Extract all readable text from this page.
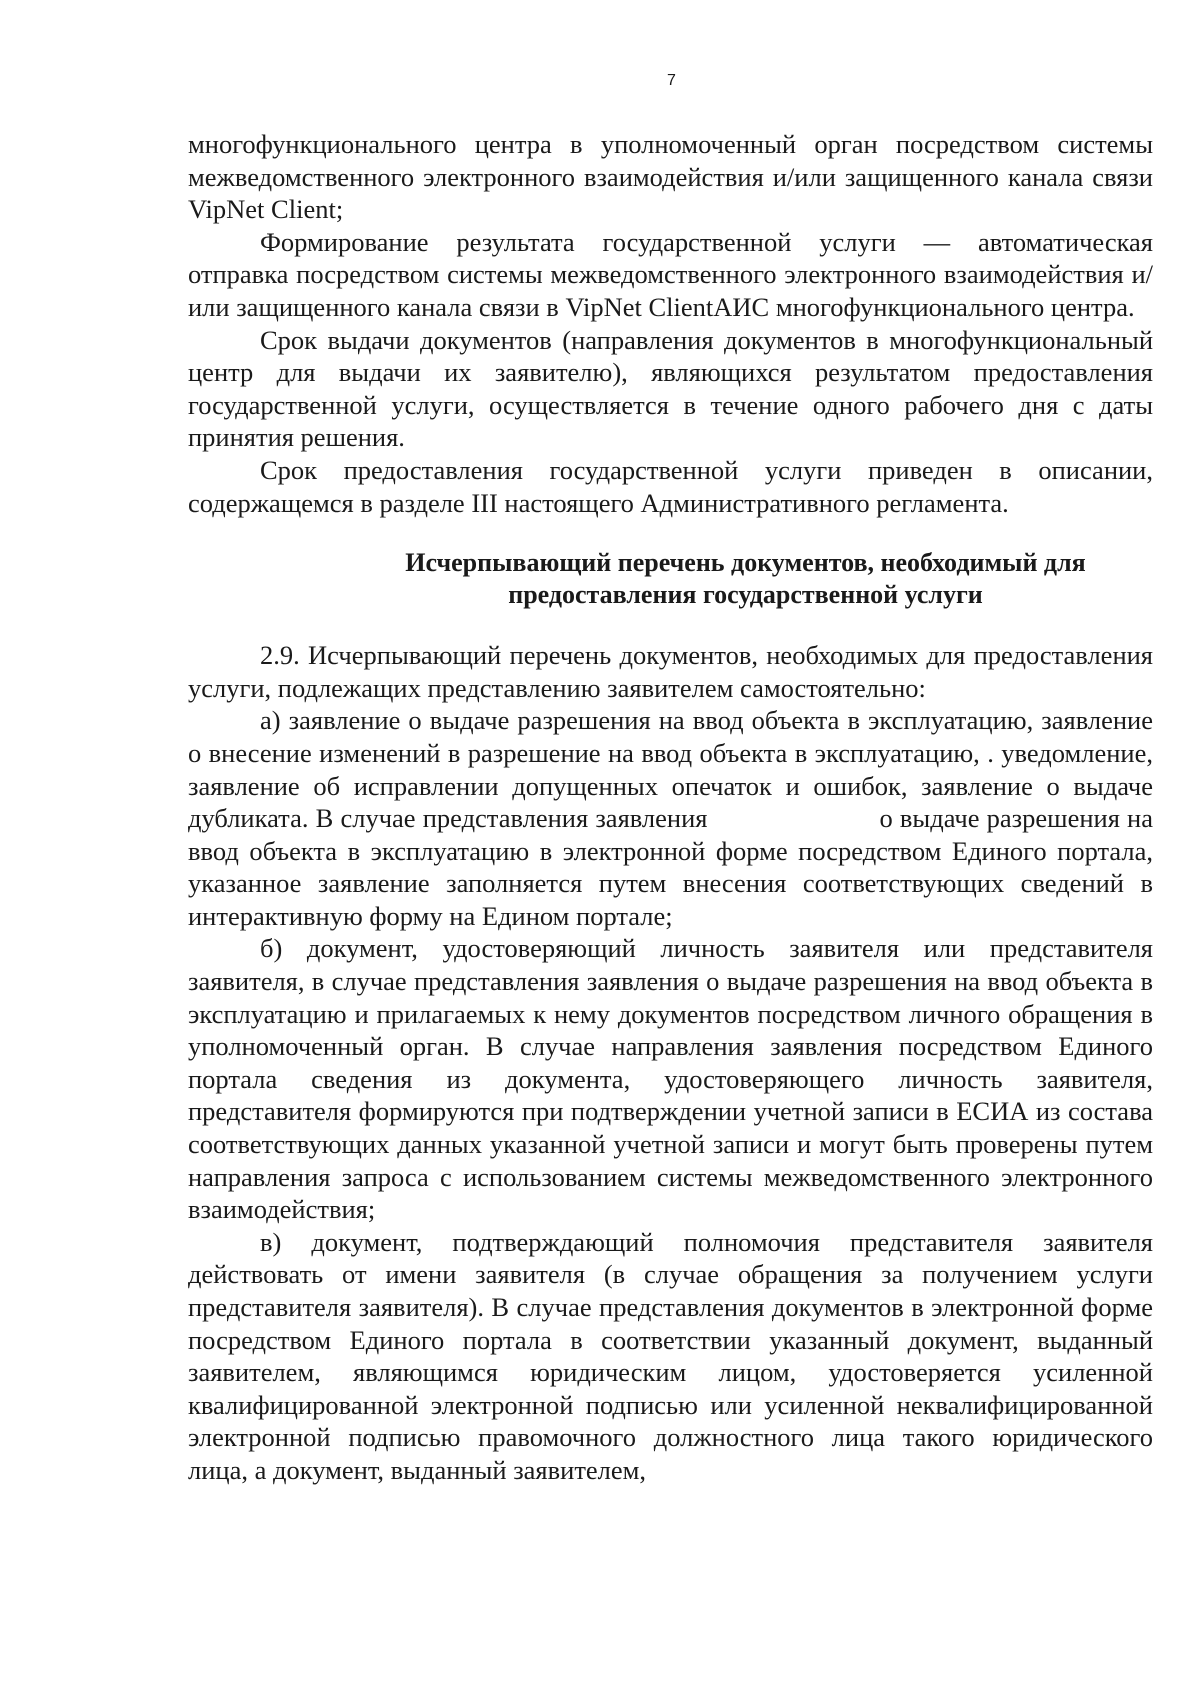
7

многофункционального центра в уполномоченный орган посредством системы межведомственного электронного взаимодействия и/или защищенного канала связи VipNet Client;

Формирование результата государственной услуги — автоматическая отправка посредством системы межведомственного электронного взаимодействия и/или защищенного канала связи в VipNet ClientАИС многофункционального центра.

Срок выдачи документов (направления документов в многофункциональный центр для выдачи их заявителю), являющихся результатом предоставления государственной услуги, осуществляется в течение одного рабочего дня с даты принятия решения.

Срок предоставления государственной услуги приведен в описании, содержащемся в разделе III настоящего Административного регламента.

Исчерпывающий перечень документов, необходимый для
предоставления государственной услуги

2.9. Исчерпывающий перечень документов, необходимых для предоставления услуги, подлежащих представлению заявителем самостоятельно:

а) заявление о выдаче разрешения на ввод объекта в эксплуатацию, заявление о внесение изменений в разрешение на ввод объекта в эксплуатацию, . уведомление, заявление об исправлении допущенных опечаток и ошибок, заявление о выдаче дубликата. В случае представления заявления                        о выдаче разрешения на ввод объекта в эксплуатацию в электронной форме посредством Единого портала, указанное заявление заполняется путем внесения соответствующих сведений в интерактивную форму на Едином портале;

б) документ, удостоверяющий личность заявителя или представителя заявителя, в случае представления заявления о выдаче разрешения на ввод объекта в эксплуатацию и прилагаемых к нему документов посредством личного обращения в уполномоченный орган. В случае направления заявления посредством Единого портала сведения из документа, удостоверяющего личность заявителя, представителя формируются при подтверждении учетной записи в ЕСИА из состава соответствующих данных указанной учетной записи и могут быть проверены путем направления запроса с использованием системы межведомственного электронного взаимодействия;

в) документ, подтверждающий полномочия представителя заявителя действовать от имени заявителя (в случае обращения за получением услуги представителя заявителя). В случае представления документов в электронной форме посредством Единого портала в соответствии указанный документ, выданный заявителем, являющимся юридическим лицом, удостоверяется усиленной квалифицированной электронной подписью или усиленной неквалифицированной электронной подписью правомочного должностного лица такого юридического лица, а документ, выданный заявителем,
